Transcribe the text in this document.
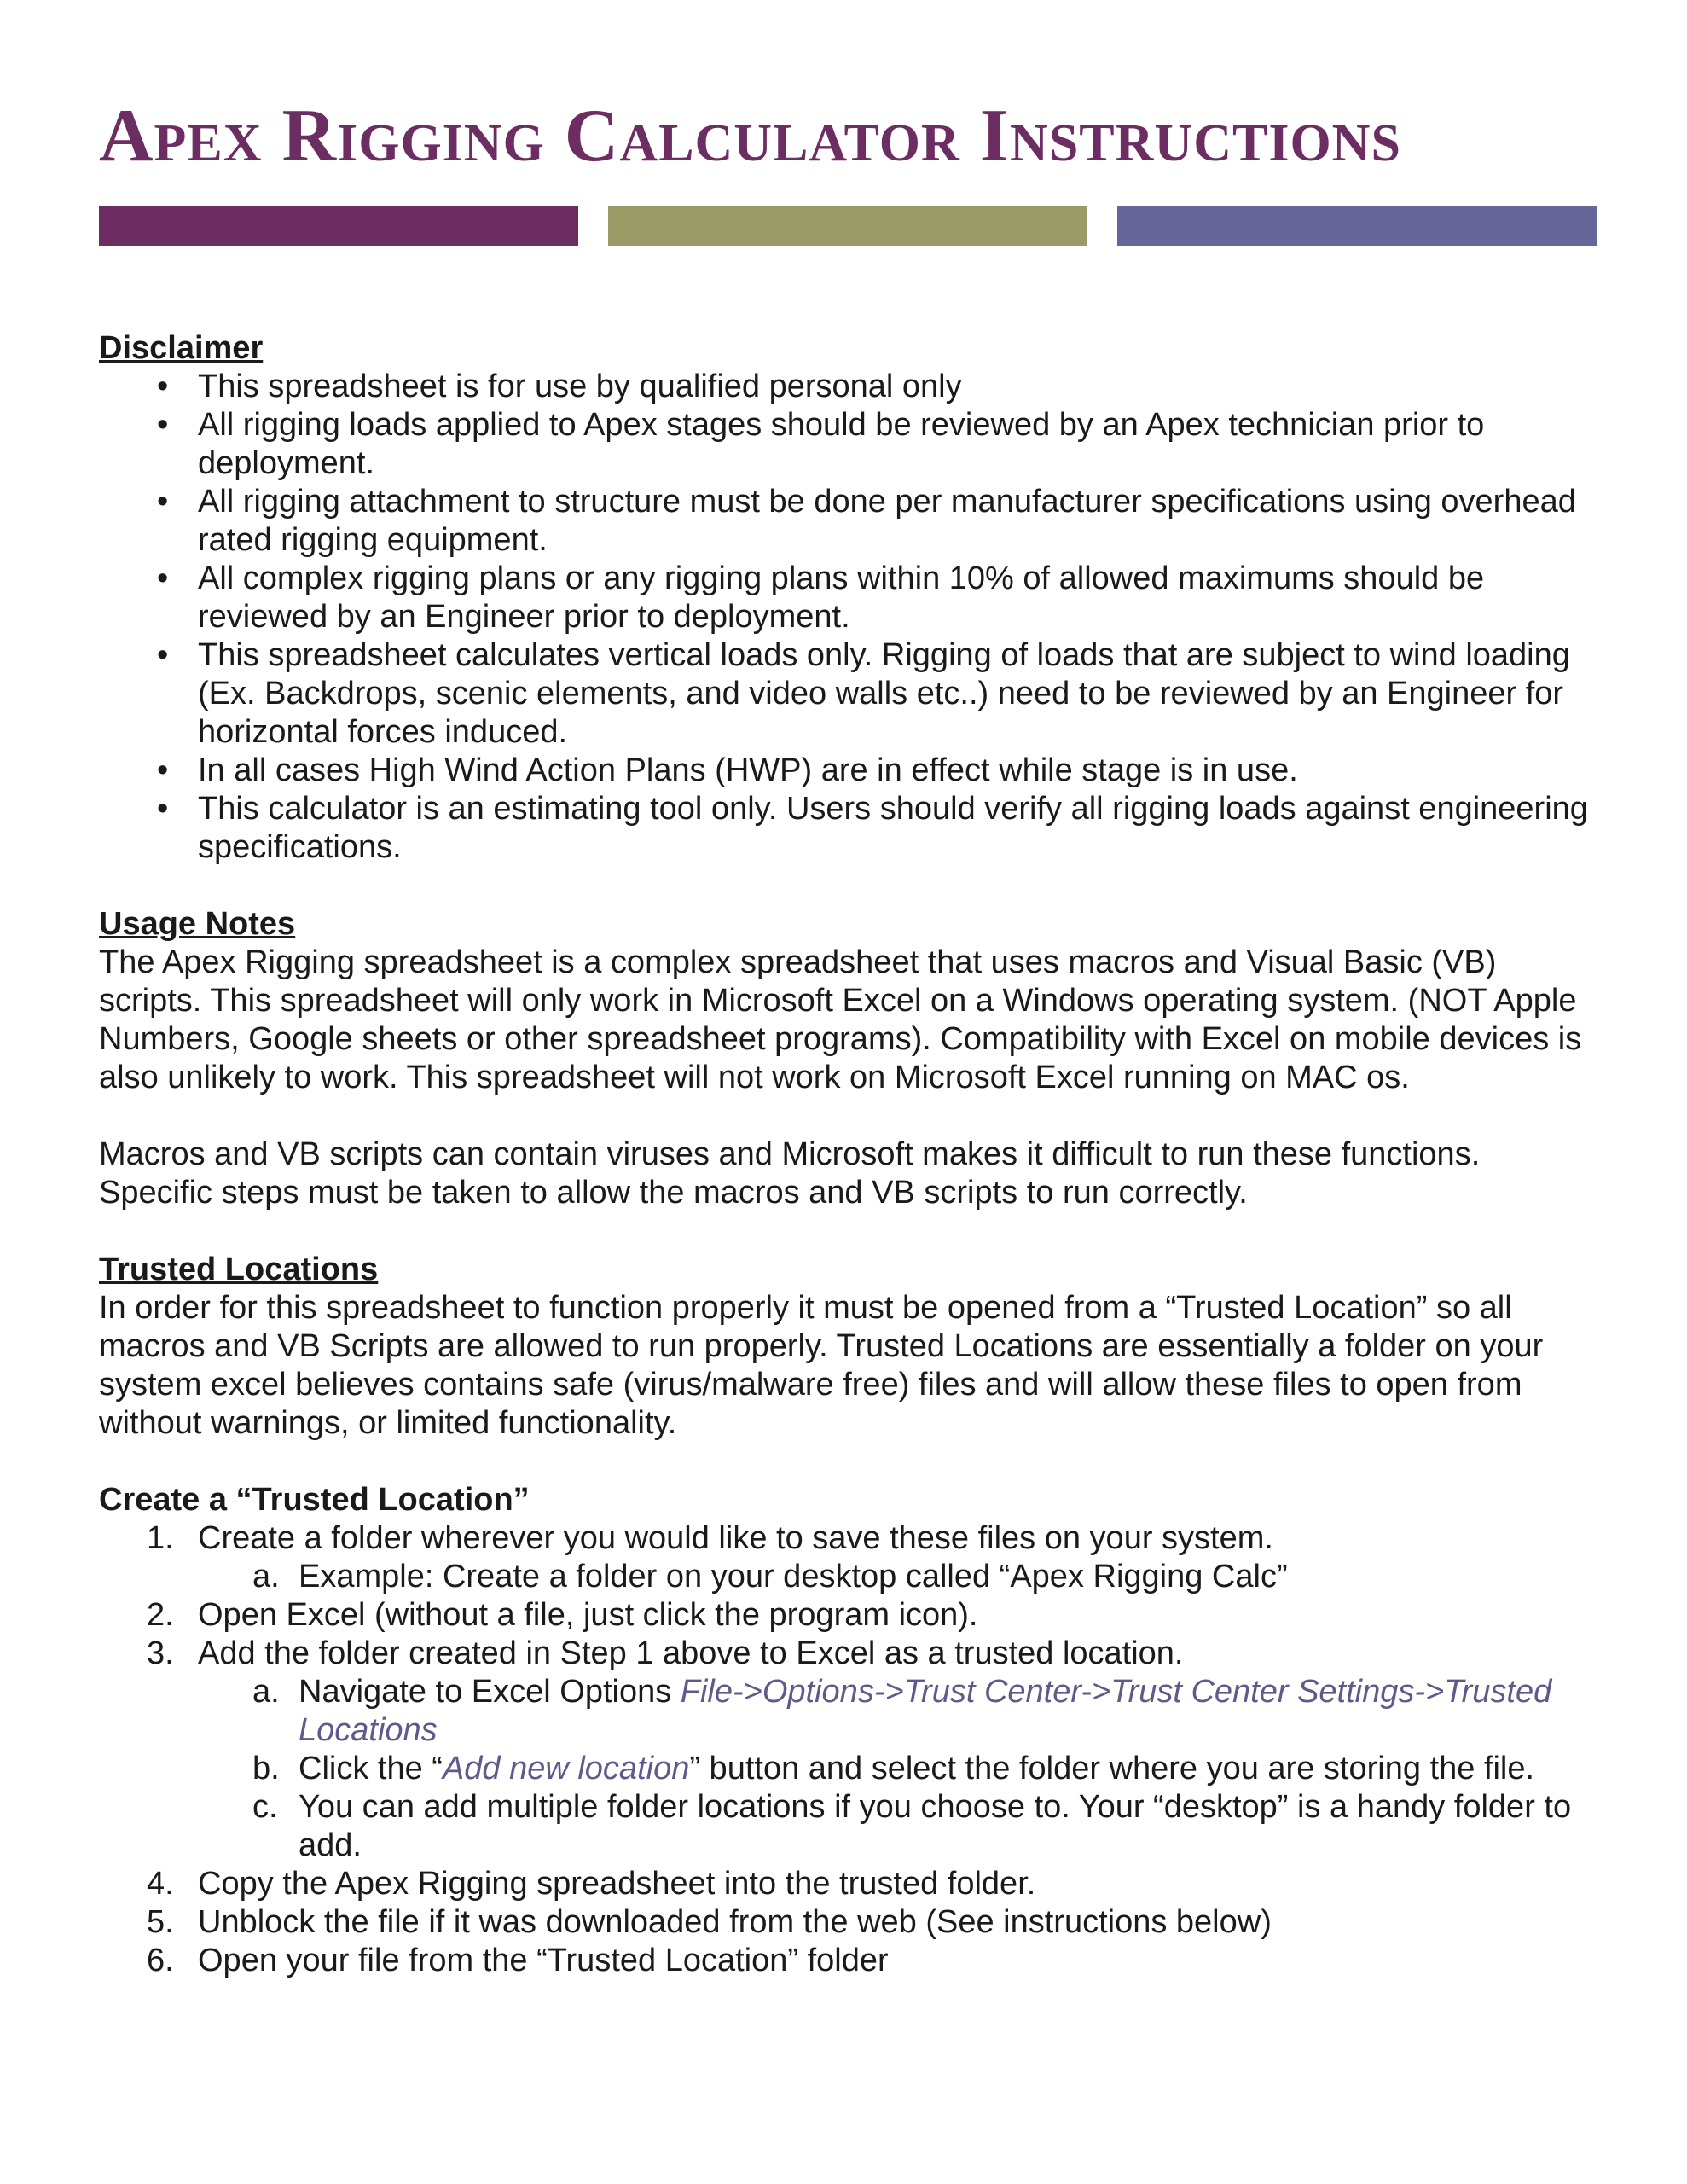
Apex Rigging Calculator Instructions
Disclaimer
• This spreadsheet is for use by qualified personal only
• All rigging loads applied to Apex stages should be reviewed by an Apex technician prior to deployment.
• All rigging attachment to structure must be done per manufacturer specifications using overhead rated rigging equipment.
• All complex rigging plans or any rigging plans within 10% of allowed maximums should be reviewed by an Engineer prior to deployment.
• This spreadsheet calculates vertical loads only. Rigging of loads that are subject to wind loading (Ex. Backdrops, scenic elements, and video walls etc..) need to be reviewed by an Engineer for horizontal forces induced.
• In all cases High Wind Action Plans (HWP) are in effect while stage is in use.
• This calculator is an estimating tool only. Users should verify all rigging loads against engineering specifications.
Usage Notes

The Apex Rigging spreadsheet is a complex spreadsheet that uses macros and Visual Basic (VB) scripts. This spreadsheet will only work in Microsoft Excel on a Windows operating system. (NOT Apple Numbers, Google sheets or other spreadsheet programs). Compatibility with Excel on mobile devices is also unlikely to work. This spreadsheet will not work on Microsoft Excel running on MAC os.

Macros and VB scripts can contain viruses and Microsoft makes it difficult to run these functions. Specific steps must be taken to allow the macros and VB scripts to run correctly.

Trusted Locations

In order for this spreadsheet to function properly it must be opened from a “Trusted Location” so all macros and VB Scripts are allowed to run properly. Trusted Locations are essentially a folder on your system excel believes contains safe (virus/malware free) files and will allow these files to open from without warnings, or limited functionality.

Create a “Trusted Location”
1. Create a folder wherever you would like to save these files on your system.
a. Example: Create a folder on your desktop called “Apex Rigging Calc”
2. Open Excel (without a file, just click the program icon).
3. Add the folder created in Step 1 above to Excel as a trusted location.
a. Navigate to Excel Options File->Options->Trust Center->Trust Center Settings->Trusted Locations
b. Click the “Add new location” button and select the folder where you are storing the file.
c. You can add multiple folder locations if you choose to. Your “desktop” is a handy folder to add.
4. Copy the Apex Rigging spreadsheet into the trusted folder.
5. Unblock the file if it was downloaded from the web (See instructions below)
6. Open your file from the “Trusted Location” folder
